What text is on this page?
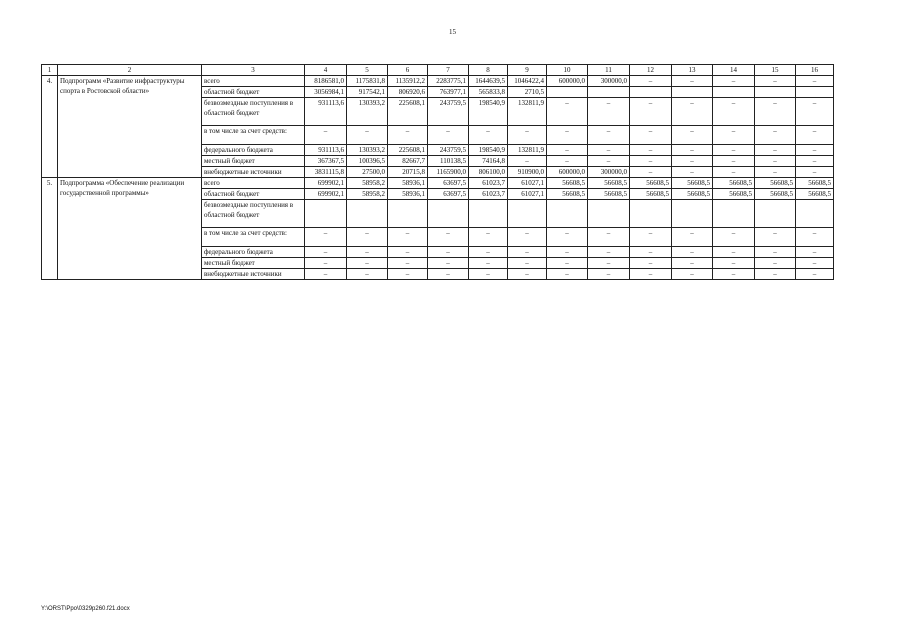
15
1	2	3	4	5	6	7	8	9	10	11	12	13	14	15	16
4.	Подпрограмм «Развитие инфраструктуры спорта в Ростовской области»	всего	8186581,0	1175831,8	1135912,2	2283775,1	1644639,5	1046422,4	600000,0	300000,0	–	–	–	–	–
		областной бюджет	3056984,1	917542,1	806920,6	763977,1	565833,8	2710,5							
		безвозмездные поступления в областной бюджет	931113,6	130393,2	225608,1	243759,5	198540,9	132811,9	–	–	–	–	–	–	–
		в том числе за счет средств:	–	–	–	–	–	–	–	–	–	–	–	–	–
		федерального бюджета	931113,6	130393,2	225608,1	243759,5	198540,9	132811,9	–	–	–	–	–	–	–
		местный бюджет	367367,5	100396,5	82667,7	110138,5	74164,8	–	–	–	–	–	–	–	–
		внебюджетные источники	3831115,8	27500,0	20715,8	1165900,0	806100,0	910900,0	600000,0	300000,0	–	–	–	–	–
5.	Подпрограмма «Обеспечение реализации государственной программы»	всего	699902,1	58958,2	58936,1	63697,5	61023,7	61027,1	56608,5	56608,5	56608,5	56608,5	56608,5	56608,5	56608,5
		областной бюджет	699902,1	58958,2	58936,1	63697,5	61023,7	61027,1	56608,5	56608,5	56608,5	56608,5	56608,5	56608,5	56608,5
		безвозмездные поступления в областной бюджет													
		в том числе за счет средств:	–	–	–	–	–	–	–	–	–	–	–	–	–
		федерального бюджета	–	–	–	–	–	–	–	–	–	–	–	–	–
		местный бюджет	–	–	–	–	–	–	–	–	–	–	–	–	–
		внебюджетные источники	–	–	–	–	–	–	–	–	–	–	–	–	–
Y:\ORST\Ppo\0329p260.f21.docx
